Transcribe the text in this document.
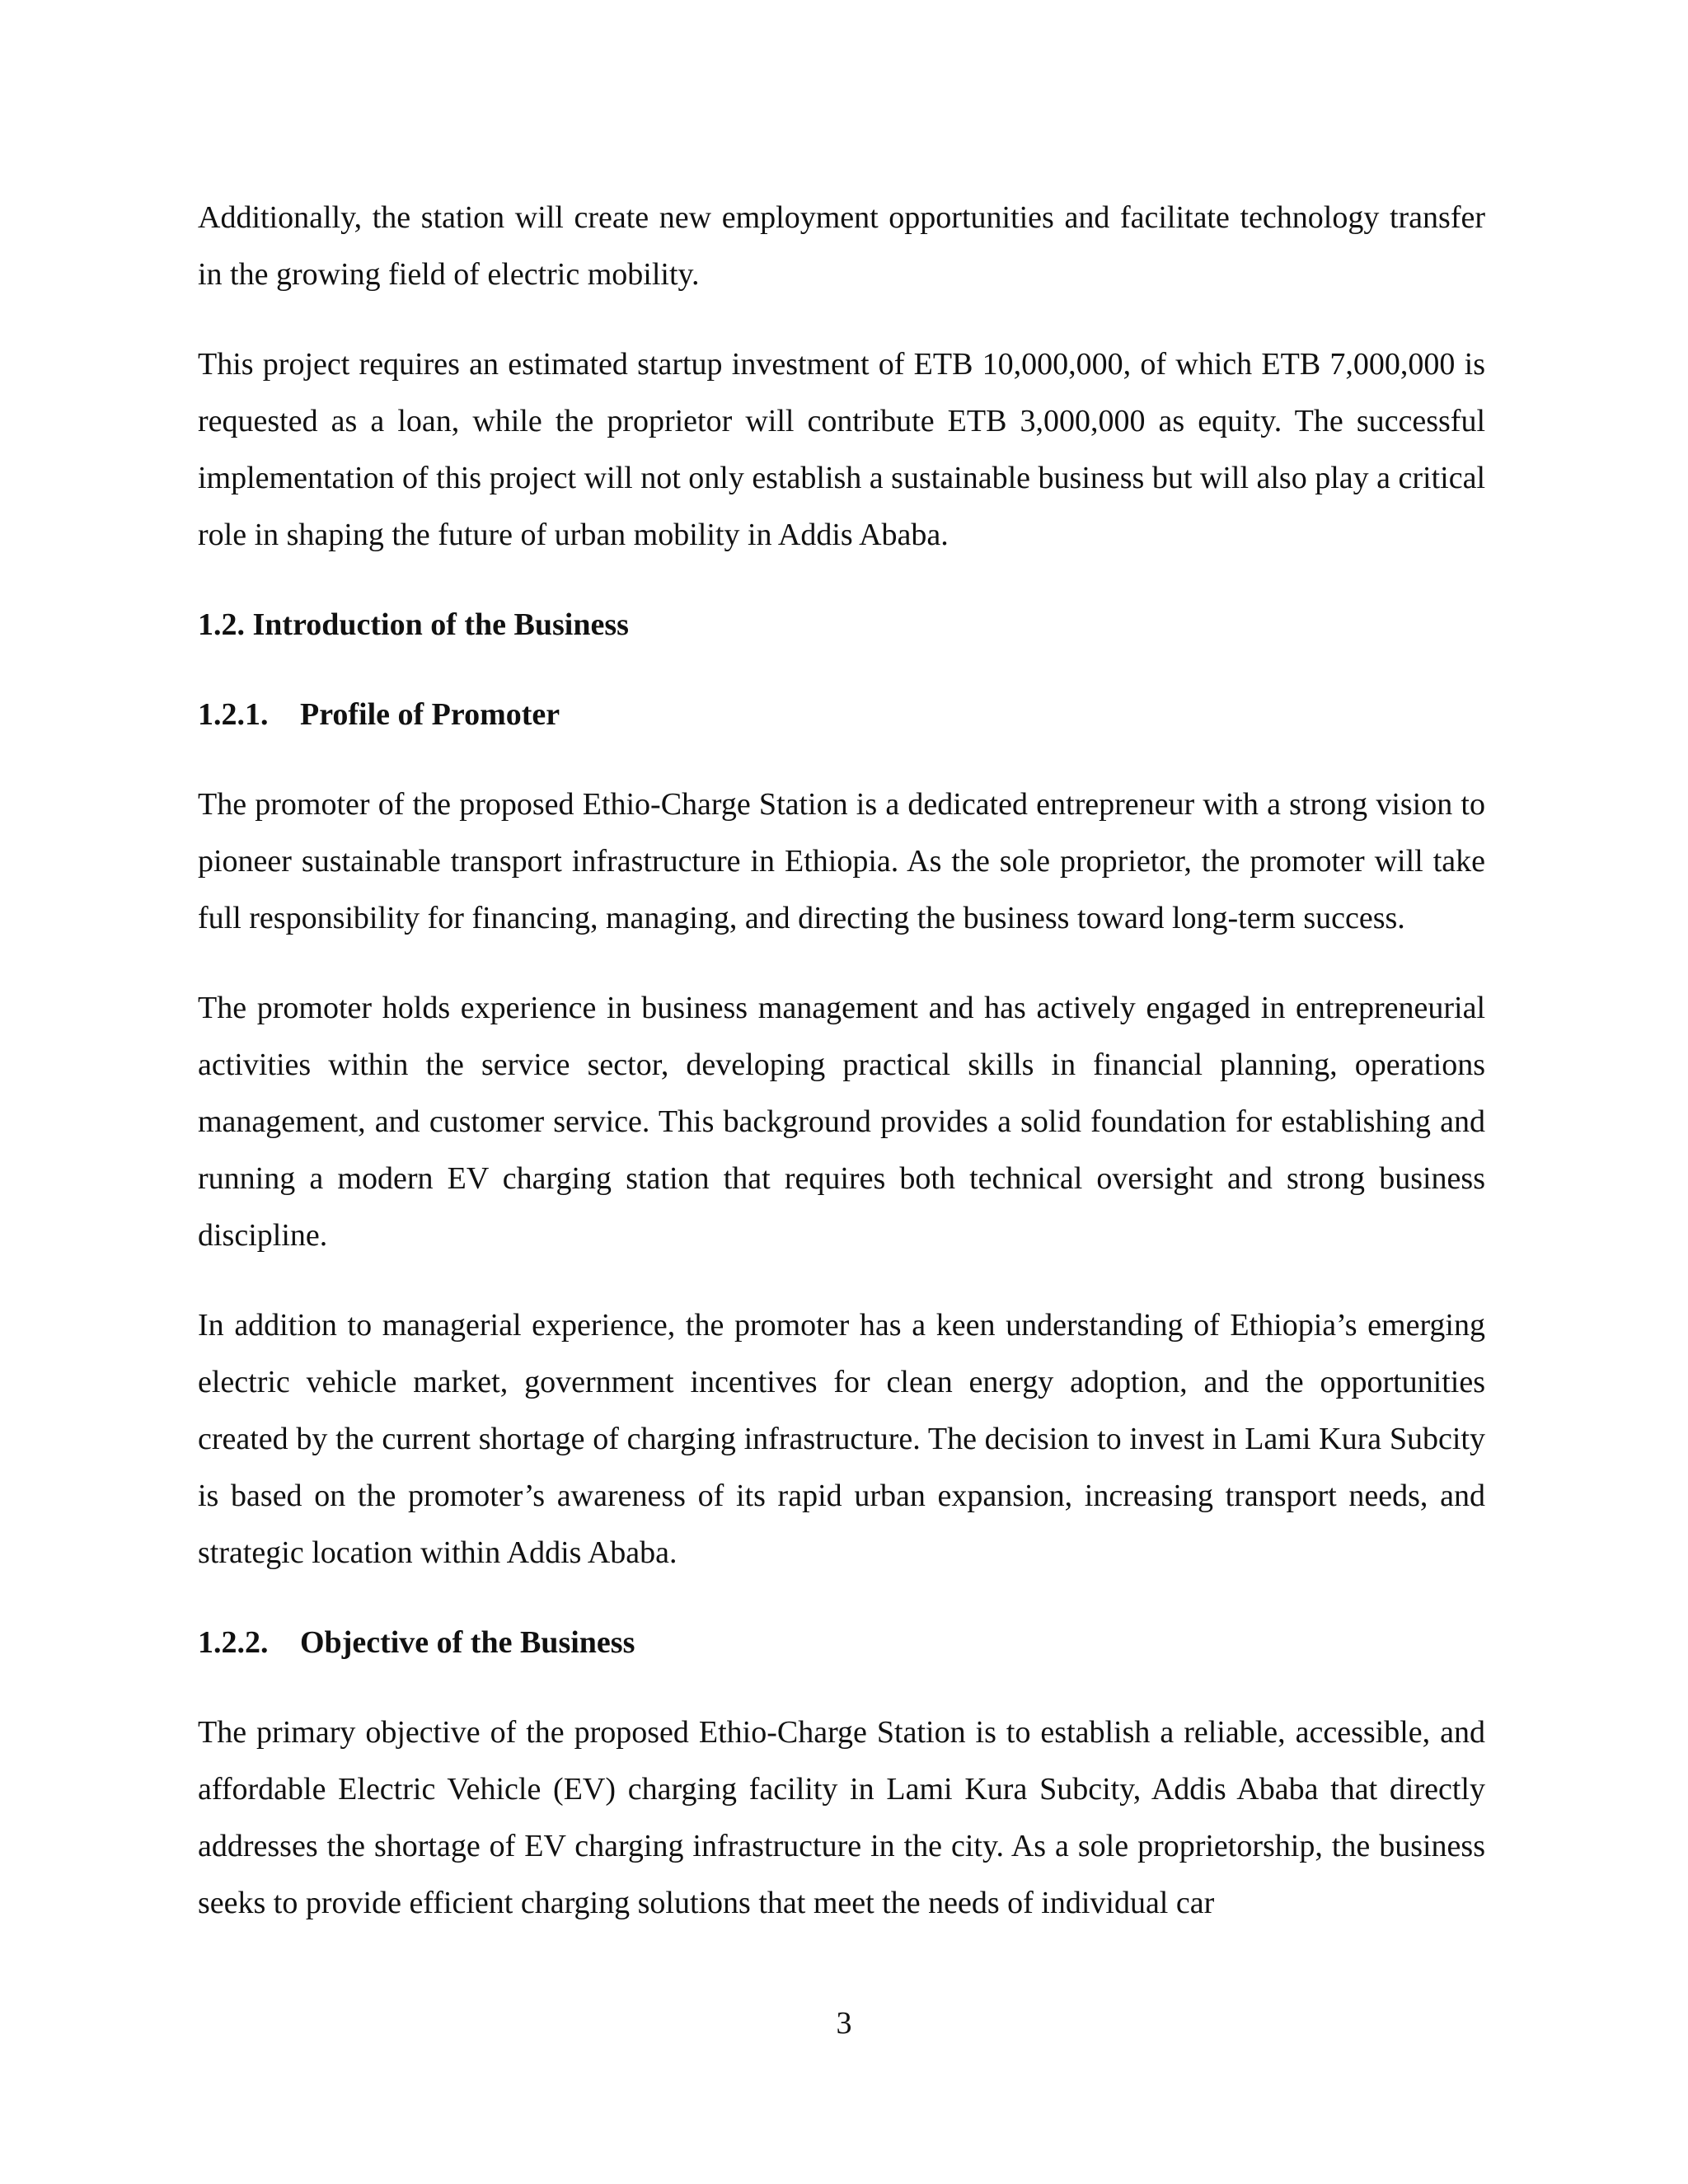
Additionally, the station will create new employment opportunities and facilitate technology transfer in the growing field of electric mobility.

This project requires an estimated startup investment of ETB 10,000,000, of which ETB 7,000,000 is requested as a loan, while the proprietor will contribute ETB 3,000,000 as equity. The successful implementation of this project will not only establish a sustainable business but will also play a critical role in shaping the future of urban mobility in Addis Ababa.

1.2. Introduction of the Business
1.2.1. Profile of Promoter

The promoter of the proposed Ethio-Charge Station is a dedicated entrepreneur with a strong vision to pioneer sustainable transport infrastructure in Ethiopia. As the sole proprietor, the promoter will take full responsibility for financing, managing, and directing the business toward long-term success.

The promoter holds experience in business management and has actively engaged in entrepreneurial activities within the service sector, developing practical skills in financial planning, operations management, and customer service. This background provides a solid foundation for establishing and running a modern EV charging station that requires both technical oversight and strong business discipline.

In addition to managerial experience, the promoter has a keen understanding of Ethiopia’s emerging electric vehicle market, government incentives for clean energy adoption, and the opportunities created by the current shortage of charging infrastructure. The decision to invest in Lami Kura Subcity is based on the promoter’s awareness of its rapid urban expansion, increasing transport needs, and strategic location within Addis Ababa.

1.2.2. Objective of the Business

The primary objective of the proposed Ethio-Charge Station is to establish a reliable, accessible, and affordable Electric Vehicle (EV) charging facility in Lami Kura Subcity, Addis Ababa that directly addresses the shortage of EV charging infrastructure in the city. As a sole proprietorship, the business seeks to provide efficient charging solutions that meet the needs of individual car

3
